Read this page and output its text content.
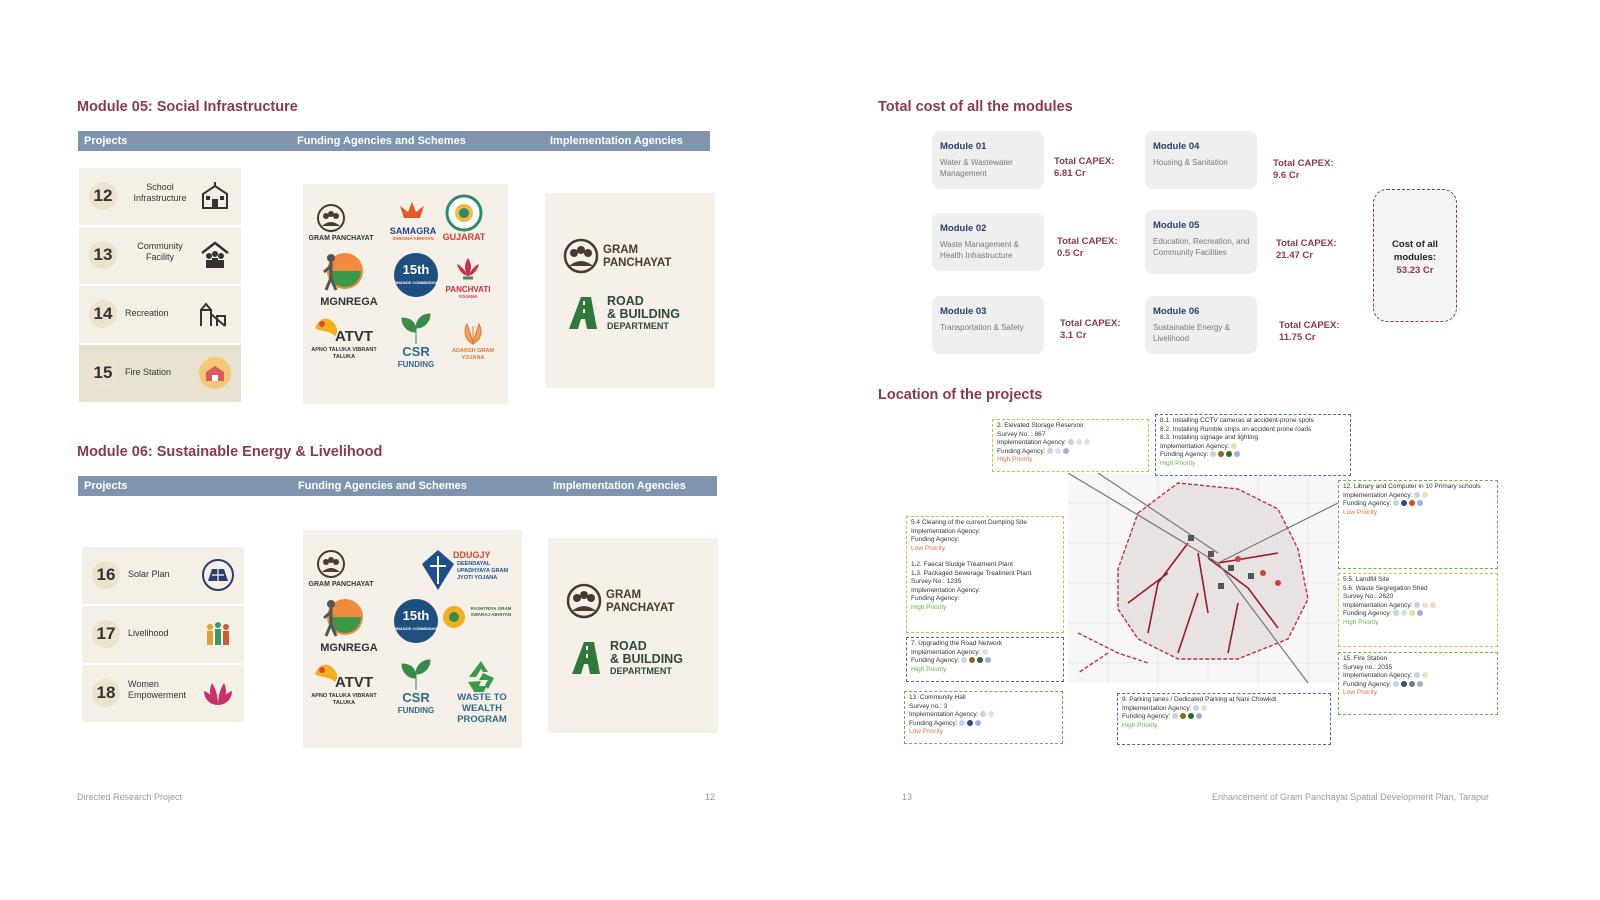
Module 05: Social Infrastructure
Projects	Funding Agencies and Schemes	Implementation Agencies
12	School Infrastructure
13	Community Facility
14	Recreation
15	Fire Station
GRAM PANCHAYAT
SAMAGRA
SHIKSHA ABHIYAN GUJARAT
MGNREGA
15th
FINANCE COMMISSION
PANCHVATI
YOJANA
ATVT
APNO TALUKA VIBRANT TALUKA	CSR
FUNDING
ADARSH GRAM YOJANA
GRAM
PANCHAYAT
ROAD
& BUILDING
DEPARTMENT
Module 06: Sustainable Energy & Livelihood
Projects	Funding Agencies and Schemes	Implementation Agencies
16	Solar Plan
17	Livelihood
18	Women Empowerment
GRAM PANCHAYAT
DDUGJY
DEENDAYAL UPADHYAYA GRAM JYOTI YOJANA
MGNREGA
15th
FINANCE COMMISSION
RASHTRIYA GRAM SWARAJ ABHIYAN
ATVT
APNO TALUKA VIBRANT TALUKA	CSR
FUNDING
WASTE TO WEALTH PROGRAM
GRAM
PANCHAYAT
ROAD
& BUILDING
DEPARTMENT
Directed Research Project	12
Total cost of all the modules
Module 01
Water & Wastewater Management
Total CAPEX: 6.81 Cr
Module 02
Waste Management & Health Infrastructure
Total CAPEX: 0.5 Cr
Module 03
Transportation & Safety	Total CAPEX: 3.1 Cr
Module 04
Housing & Sanitation	Total CAPEX: 9.6 Cr
Module 05
Education, Recreation, and Community Facilities
Total CAPEX: 21.47 Cr
Module 06
Sustainable Energy & Livelihood
Total CAPEX: 11.75 Cr
Cost of all modules:
53.23 Cr
Location of the projects
2. Elevated Storage Reservoir
Survey No. : 867
Implementation Agency:
Funding Agency:
High Priority
8.1. Installing CCTV cameras at accident-prone spots
8.2. Installing Rumble strips on accident prone roads
8.3. Installing signage and lighting
Implementation Agency:
Funding Agency:
High Priority
12. Library and Computer in 10 Primary schools
Implementation Agency:
Funding Agency:
Low Priority
5.4 Clearing of the current Dumping Site
Implementation Agency:
Funding Agency:
Low Priority
1.2. Faecal Sludge Treatment Plant
1.3. Packaged Sewerage Treatment Plant
Survey No.: 1235
Implementation Agency:
Funding Agency:
High Priority
5.5. Landfill Site
5.6. Waste Segregation Shed
Survey No.: 2620
Implementation Agency:
Funding Agency:
High Priority
7. Upgrading the Road Network
Implementation Agency:
Funding Agency:
High Priority
15. Fire Station
Survey no.: 2035
Implementation Agency:
Funding Agency:
Low Priority
13. Community Hall
Survey no.: 3
Implementation Agency:
Funding Agency:
Low Priority
9. Parking lanes / Dedicated Parking at Nani Chowkdi
Implementation Agency:
Funding Agency:
High Priority
13	Enhancement of Gram Panchayat Spatial Development Plan, Tarapur
